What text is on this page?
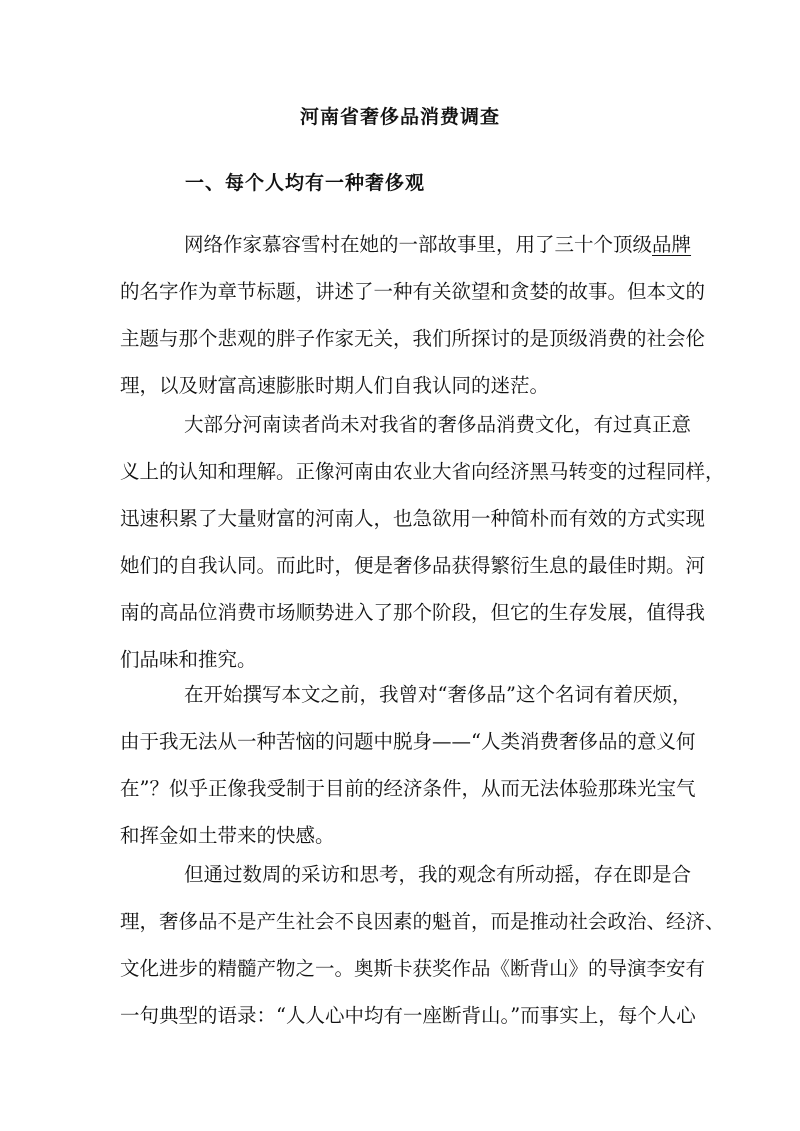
河南省奢侈品消费调查
一、每个人均有一种奢侈观
网络作家慕容雪村在她的一部故事里，用了三十个顶级品牌
的名字作为章节标题，讲述了一种有关欲望和贪婪的故事。但本文的
主题与那个悲观的胖子作家无关，我们所探讨的是顶级消费的社会伦
理，以及财富高速膨胀时期人们自我认同的迷茫。
大部分河南读者尚未对我省的奢侈品消费文化，有过真正意
义上的认知和理解。正像河南由农业大省向经济黑马转变的过程同样，
迅速积累了大量财富的河南人，也急欲用一种简朴而有效的方式实现
她们的自我认同。而此时，便是奢侈品获得繁衍生息的最佳时期。河
南的高品位消费市场顺势进入了那个阶段，但它的生存发展，值得我
们品味和推究。
在开始撰写本文之前，我曾对“奢侈品”这个名词有着厌烦，
由于我无法从一种苦恼的问题中脱身——“人类消费奢侈品的意义何
在”？似乎正像我受制于目前的经济条件，从而无法体验那珠光宝气
和挥金如土带来的快感。
但通过数周的采访和思考，我的观念有所动摇，存在即是合
理，奢侈品不是产生社会不良因素的魁首，而是推动社会政治、经济、
文化进步的精髓产物之一。奥斯卡获奖作品《断背山》的导演李安有
一句典型的语录：“人人心中均有一座断背山。”而事实上，每个人心
